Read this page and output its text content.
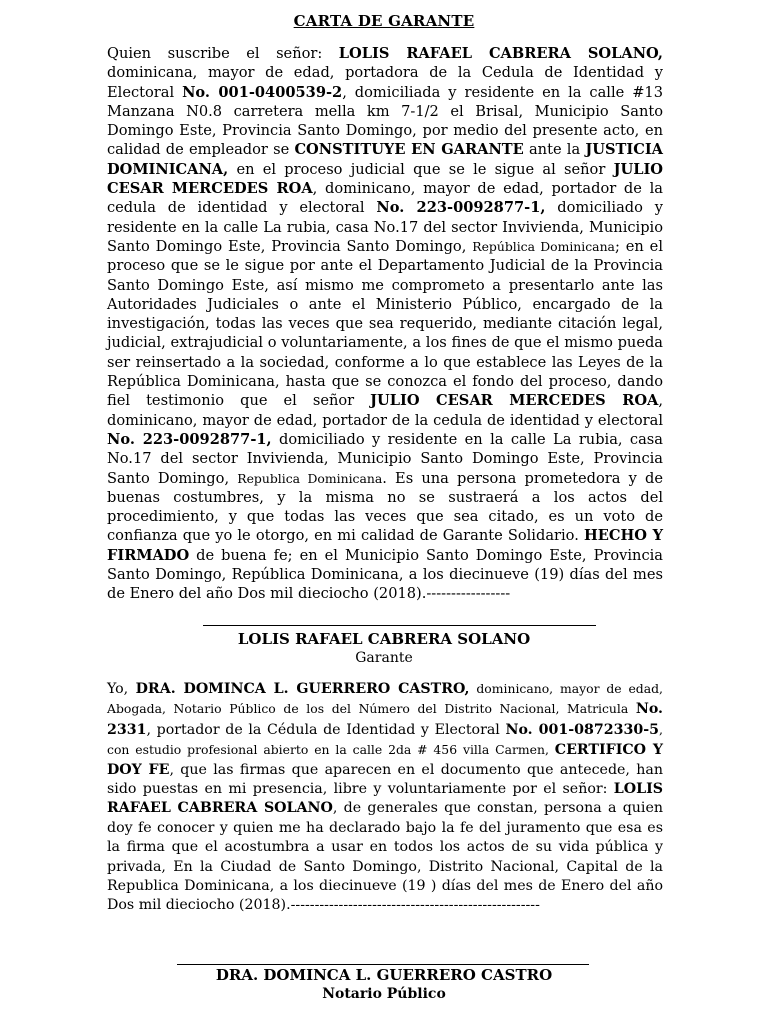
CARTA DE GARANTE
Quien suscribe el señor: LOLIS RAFAEL CABRERA SOLANO, dominicana, mayor de edad, portadora de la Cedula de Identidad y Electoral No. 001-0400539-2, domiciliada y residente en la calle #13 Manzana N0.8 carretera mella km 7-1/2 el Brisal, Municipio Santo Domingo Este, Provincia Santo Domingo, por medio del presente acto, en calidad de empleador se CONSTITUYE EN GARANTE ante la JUSTICIA DOMINICANA, en el proceso judicial que se le sigue al señor JULIO CESAR MERCEDES ROA, dominicano, mayor de edad, portador de la cedula de identidad y electoral No. 223-0092877-1, domiciliado y residente en la calle La rubia, casa No.17 del sector Invivienda, Municipio Santo Domingo Este, Provincia Santo Domingo, República Dominicana; en el proceso que se le sigue por ante el Departamento Judicial de la Provincia Santo Domingo Este, así mismo me comprometo a presentarlo ante las Autoridades Judiciales o ante el Ministerio Público, encargado de la investigación, todas las veces que sea requerido, mediante citación legal, judicial, extrajudicial o voluntariamente, a los fines de que el mismo pueda ser reinsertado a la sociedad, conforme a lo que establece las Leyes de la República Dominicana, hasta que se conozca el fondo del proceso, dando fiel testimonio que el señor JULIO CESAR MERCEDES ROA, dominicano, mayor de edad, portador de la cedula de identidad y electoral No. 223-0092877-1, domiciliado y residente en la calle La rubia, casa No.17 del sector Invivienda, Municipio Santo Domingo Este, Provincia Santo Domingo, Republica Dominicana. Es una persona prometedora y de buenas costumbres, y la misma no se sustraerá a los actos del procedimiento, y que todas las veces que sea citado, es un voto de confianza que yo le otorgo, en mi calidad de Garante Solidario. HECHO Y FIRMADO de buena fe; en el Municipio Santo Domingo Este, Provincia Santo Domingo, República Dominicana, a los diecinueve (19) días del mes de Enero del año Dos mil dieciocho (2018).-----------------
LOLIS RAFAEL CABRERA SOLANO
Garante
Yo, DRA. DOMINCA L. GUERRERO CASTRO, dominicano, mayor de edad, Abogada, Notario Público de los del Número del Distrito Nacional, Matricula No. 2331, portador de la Cédula de Identidad y Electoral No. 001-0872330-5, con estudio profesional abierto en la calle 2da # 456 villa Carmen, CERTIFICO Y DOY FE, que las firmas que aparecen en el documento que antecede, han sido puestas en mi presencia, libre y voluntariamente por el señor: LOLIS RAFAEL CABRERA SOLANO, de generales que constan, persona a quien doy fe conocer y quien me ha declarado bajo la fe del juramento que esa es la firma que el acostumbra a usar en todos los actos de su vida pública y privada, En la Ciudad de Santo Domingo, Distrito Nacional, Capital de la Republica Dominicana, a los diecinueve (19 ) días del mes de Enero del año Dos mil dieciocho (2018).----------------------------------------------------
DRA. DOMINCA L. GUERRERO CASTRO
Notario Público
